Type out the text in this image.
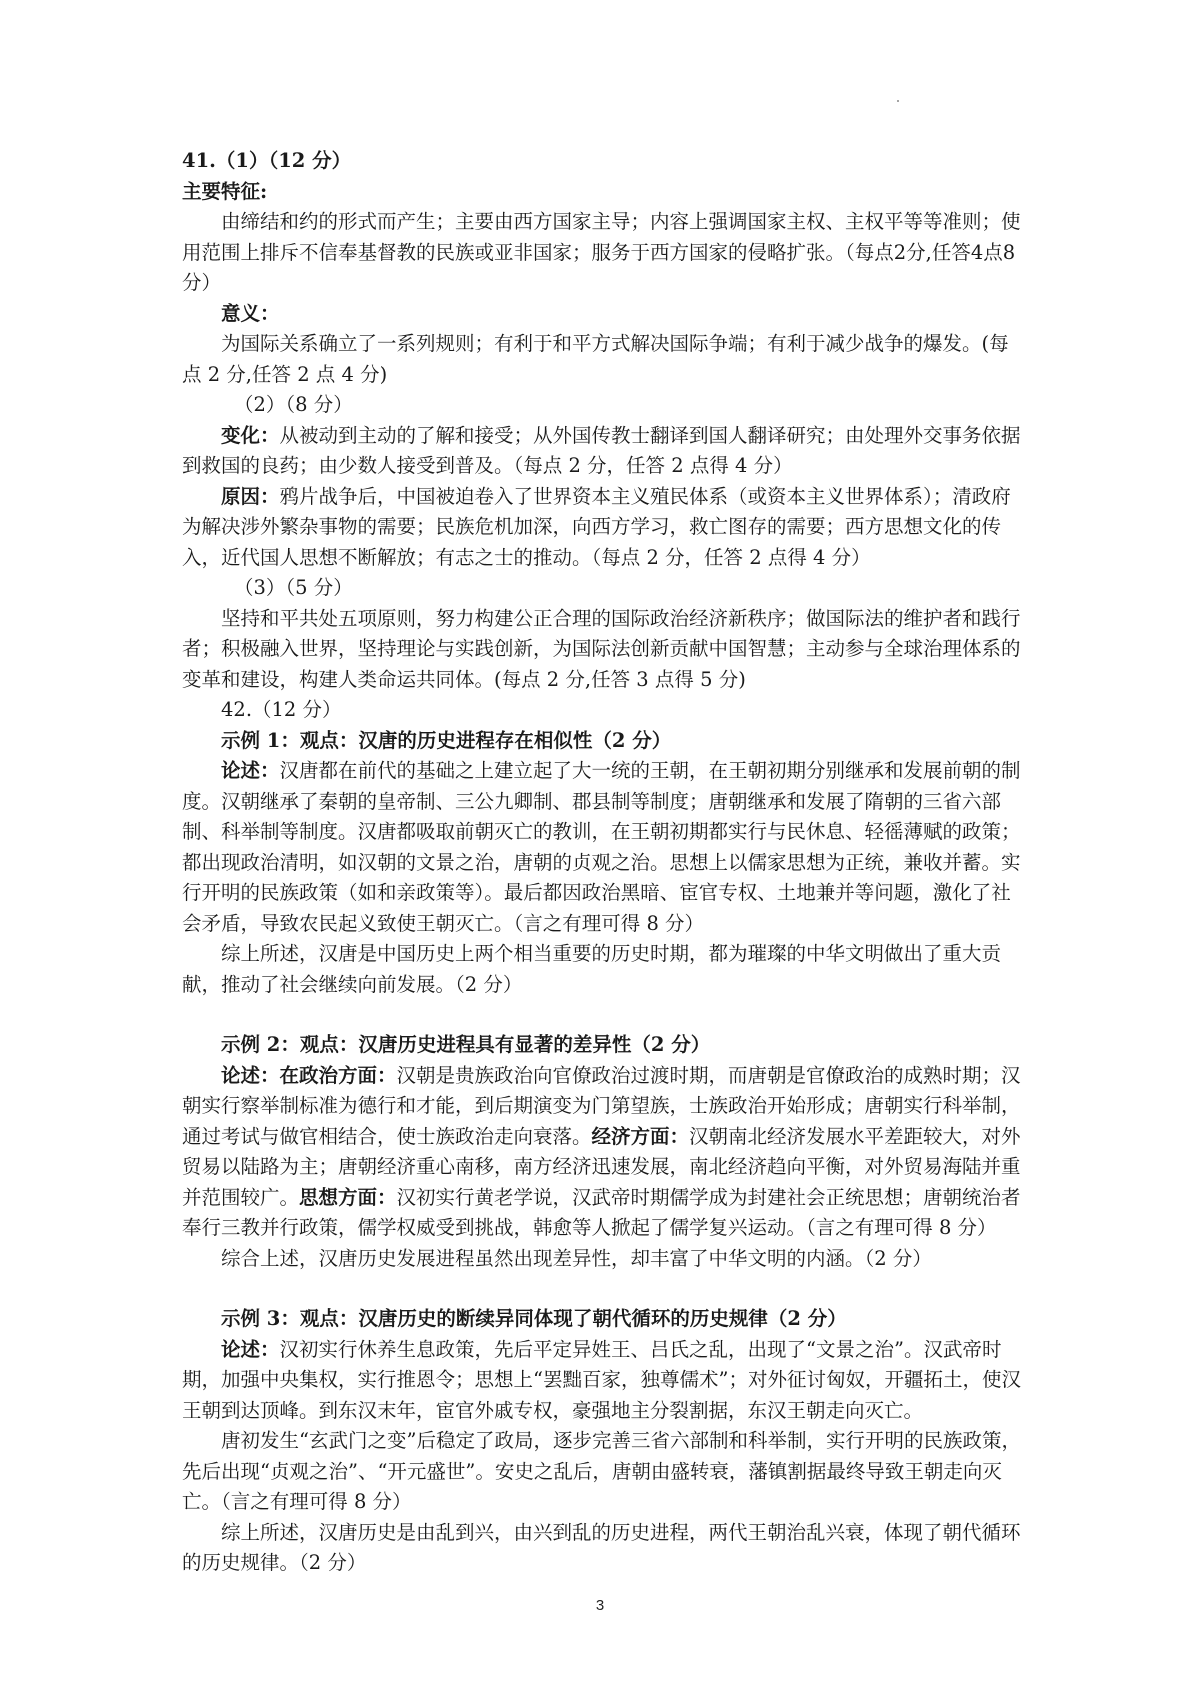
41.（1）（12 分）

主要特征:

由缔结和约的形式而产生；主要由西方国家主导；内容上强调国家主权、主权平等等准则；使用范围上排斥不信奉基督教的民族或亚非国家；服务于西方国家的侵略扩张。（每点2分,任答4点8分）

意义：

为国际关系确立了一系列规则；有利于和平方式解决国际争端；有利于减少战争的爆发。(每点 2 分,任答 2 点 4 分)

（2）（8 分）

变化：从被动到主动的了解和接受；从外国传教士翻译到国人翻译研究；由处理外交事务依据到救国的良药；由少数人接受到普及。（每点 2 分，任答 2 点得 4 分）

原因：鸦片战争后，中国被迫卷入了世界资本主义殖民体系（或资本主义世界体系）；清政府为解决涉外繁杂事物的需要；民族危机加深，向西方学习，救亡图存的需要；西方思想文化的传入，近代国人思想不断解放；有志之士的推动。（每点 2 分，任答 2 点得 4 分）

（3）（5 分）

坚持和平共处五项原则，努力构建公正合理的国际政治经济新秩序；做国际法的维护者和践行者；积极融入世界，坚持理论与实践创新，为国际法创新贡献中国智慧；主动参与全球治理体系的变革和建设，构建人类命运共同体。(每点 2 分,任答 3 点得 5 分)

42.（12 分）

示例 1：观点：汉唐的历史进程存在相似性（2 分）

论述：汉唐都在前代的基础之上建立起了大一统的王朝，在王朝初期分别继承和发展前朝的制度。汉朝继承了秦朝的皇帝制、三公九卿制、郡县制等制度；唐朝继承和发展了隋朝的三省六部制、科举制等制度。汉唐都吸取前朝灭亡的教训，在王朝初期都实行与民休息、轻徭薄赋的政策；都出现政治清明，如汉朝的文景之治，唐朝的贞观之治。思想上以儒家思想为正统，兼收并蓄。实行开明的民族政策（如和亲政策等）。最后都因政治黑暗、宦官专权、土地兼并等问题，激化了社会矛盾，导致农民起义致使王朝灭亡。（言之有理可得 8 分）

综上所述，汉唐是中国历史上两个相当重要的历史时期，都为璀璨的中华文明做出了重大贡献，推动了社会继续向前发展。（2 分）

示例 2：观点：汉唐历史进程具有显著的差异性（2 分）

论述：在政治方面：汉朝是贵族政治向官僚政治过渡时期，而唐朝是官僚政治的成熟时期；汉朝实行察举制标准为德行和才能，到后期演变为门第望族，士族政治开始形成；唐朝实行科举制，通过考试与做官相结合，使士族政治走向衰落。经济方面：汉朝南北经济发展水平差距较大，对外贸易以陆路为主；唐朝经济重心南移，南方经济迅速发展，南北经济趋向平衡，对外贸易海陆并重并范围较广。思想方面：汉初实行黄老学说，汉武帝时期儒学成为封建社会正统思想；唐朝统治者奉行三教并行政策，儒学权威受到挑战，韩愈等人掀起了儒学复兴运动。（言之有理可得 8 分）

综合上述，汉唐历史发展进程虽然出现差异性，却丰富了中华文明的内涵。（2 分）

示例 3：观点：汉唐历史的断续异同体现了朝代循环的历史规律（2 分）

论述：汉初实行休养生息政策，先后平定异姓王、吕氏之乱，出现了“文景之治”。汉武帝时期，加强中央集权，实行推恩令；思想上“罢黜百家，独尊儒术”；对外征讨匈奴，开疆拓土，使汉王朝到达顶峰。到东汉末年，宦官外戚专权，豪强地主分裂割据，东汉王朝走向灭亡。

唐初发生“玄武门之变”后稳定了政局，逐步完善三省六部制和科举制，实行开明的民族政策，先后出现“贞观之治”、“开元盛世”。安史之乱后，唐朝由盛转衰，藩镇割据最终导致王朝走向灭亡。（言之有理可得 8 分）

综上所述，汉唐历史是由乱到兴，由兴到乱的历史进程，两代王朝治乱兴衰，体现了朝代循环的历史规律。（2 分）

3
